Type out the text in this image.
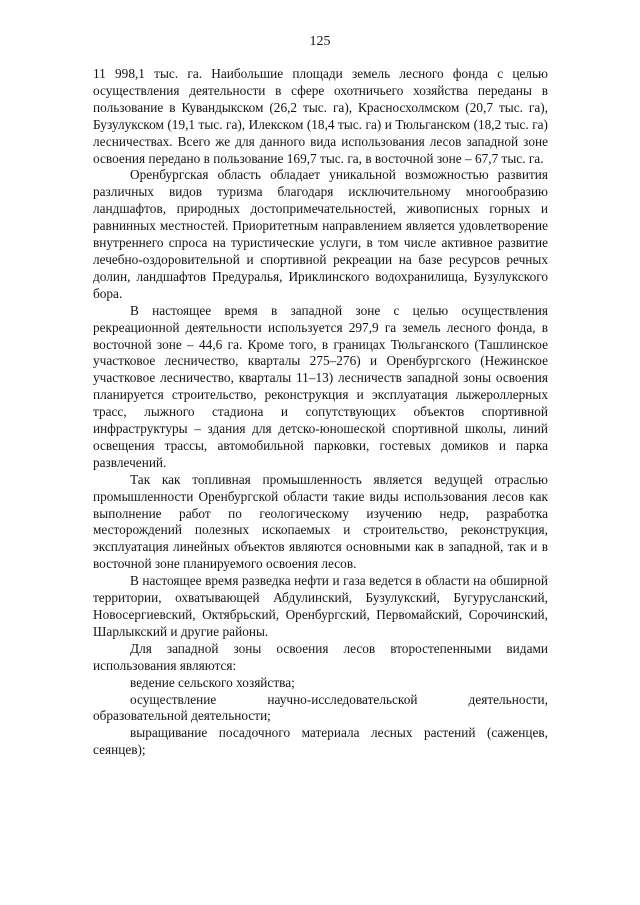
125

11 998,1 тыс. га. Наибольшие площади земель лесного фонда с целью осуществления деятельности в сфере охотничьего хозяйства переданы в пользование в Кувандыкском (26,2 тыс. га), Красносхолмском (20,7 тыс. га), Бузулукском (19,1 тыс. га), Илекском (18,4 тыс. га) и Тюльганском (18,2 тыс. га) лесничествах. Всего же для данного вида использования лесов западной зоне освоения передано в пользование 169,7 тыс. га, в восточной зоне – 67,7 тыс. га.

Оренбургская область обладает уникальной возможностью развития различных видов туризма благодаря исключительному многообразию ландшафтов, природных достопримечательностей, живописных горных и равнинных местностей. Приоритетным направлением является удовлетворение внутреннего спроса на туристические услуги, в том числе активное развитие лечебно-оздоровительной и спортивной рекреации на базе ресурсов речных долин, ландшафтов Предуралья, Ириклинского водохранилища, Бузулукского бора.

В настоящее время в западной зоне с целью осуществления рекреационной деятельности используется 297,9 га земель лесного фонда, в восточной зоне – 44,6 га. Кроме того, в границах Тюльганского (Ташлинское участковое лесничество, кварталы 275–276) и Оренбургского (Нежинское участковое лесничество, кварталы 11–13) лесничеств западной зоны освоения планируется строительство, реконструкция и эксплуатация лыжероллерных трасс, лыжного стадиона и сопутствующих объектов спортивной инфраструктуры – здания для детско-юношеской спортивной школы, линий освещения трассы, автомобильной парковки, гостевых домиков и парка развлечений.

Так как топливная промышленность является ведущей отраслью промышленности Оренбургской области такие виды использования лесов как выполнение работ по геологическому изучению недр, разработка месторождений полезных ископаемых и строительство, реконструкция, эксплуатация линейных объектов являются основными как в западной, так и в восточной зоне планируемого освоения лесов.

В настоящее время разведка нефти и газа ведется в области на обширной территории, охватывающей Абдулинский, Бузулукский, Бугурусланский, Новосергиевский, Октябрьский, Оренбургский, Первомайский, Сорочинский, Шарлыкский и другие районы.

Для западной зоны освоения лесов второстепенными видами использования являются:

ведение сельского хозяйства;

осуществление научно-исследовательской деятельности, образовательной деятельности;

выращивание посадочного материала лесных растений (саженцев, сеянцев);
